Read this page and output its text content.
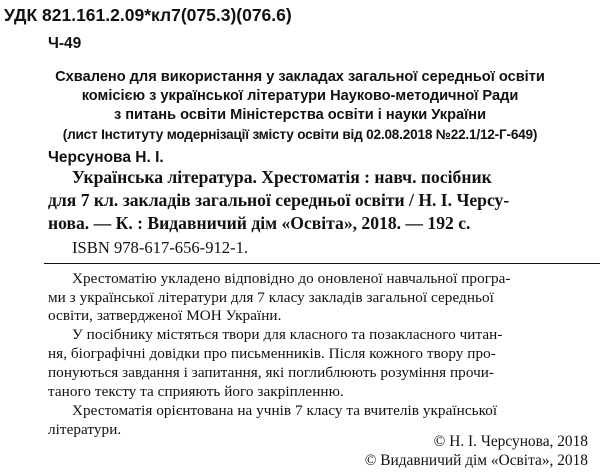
УДК 821.161.2.09*кл7(075.3)(076.6)
Ч-49
Схвалено для використання у закладах загальної середньої освіти
комісією з української літератури Науково-методичної Ради
з питань освіти Міністерства освіти і науки України
(лист Інституту модернізації змісту освіти від 02.08.2018 №22.1/12-Г-649)
Черсунова Н. І.
Українська література. Хрестоматія : навч. посібник
для 7 кл. закладів загальної середньої освіти / Н. І. Черсу-
нова. — К. : Видавничий дім «Освіта», 2018. — 192 с.
ISBN 978-617-656-912-1.
Хрестоматію укладено відповідно до оновленої навчальної програ-
ми з української літератури для 7 класу закладів загальної середньої
освіти, затвердженої МОН України.
У посібнику містяться твори для класного та позакласного читан-
ня, біографічні довідки про письменників. Після кожного твору про-
понуються завдання і запитання, які поглиблюють розуміння прочи-
таного тексту та сприяють його закріпленню.
Хрестоматія орієнтована на учнів 7 класу та вчителів української
літератури.
© Н. І. Черсунова, 2018
© Видавничий дім «Освіта», 2018
